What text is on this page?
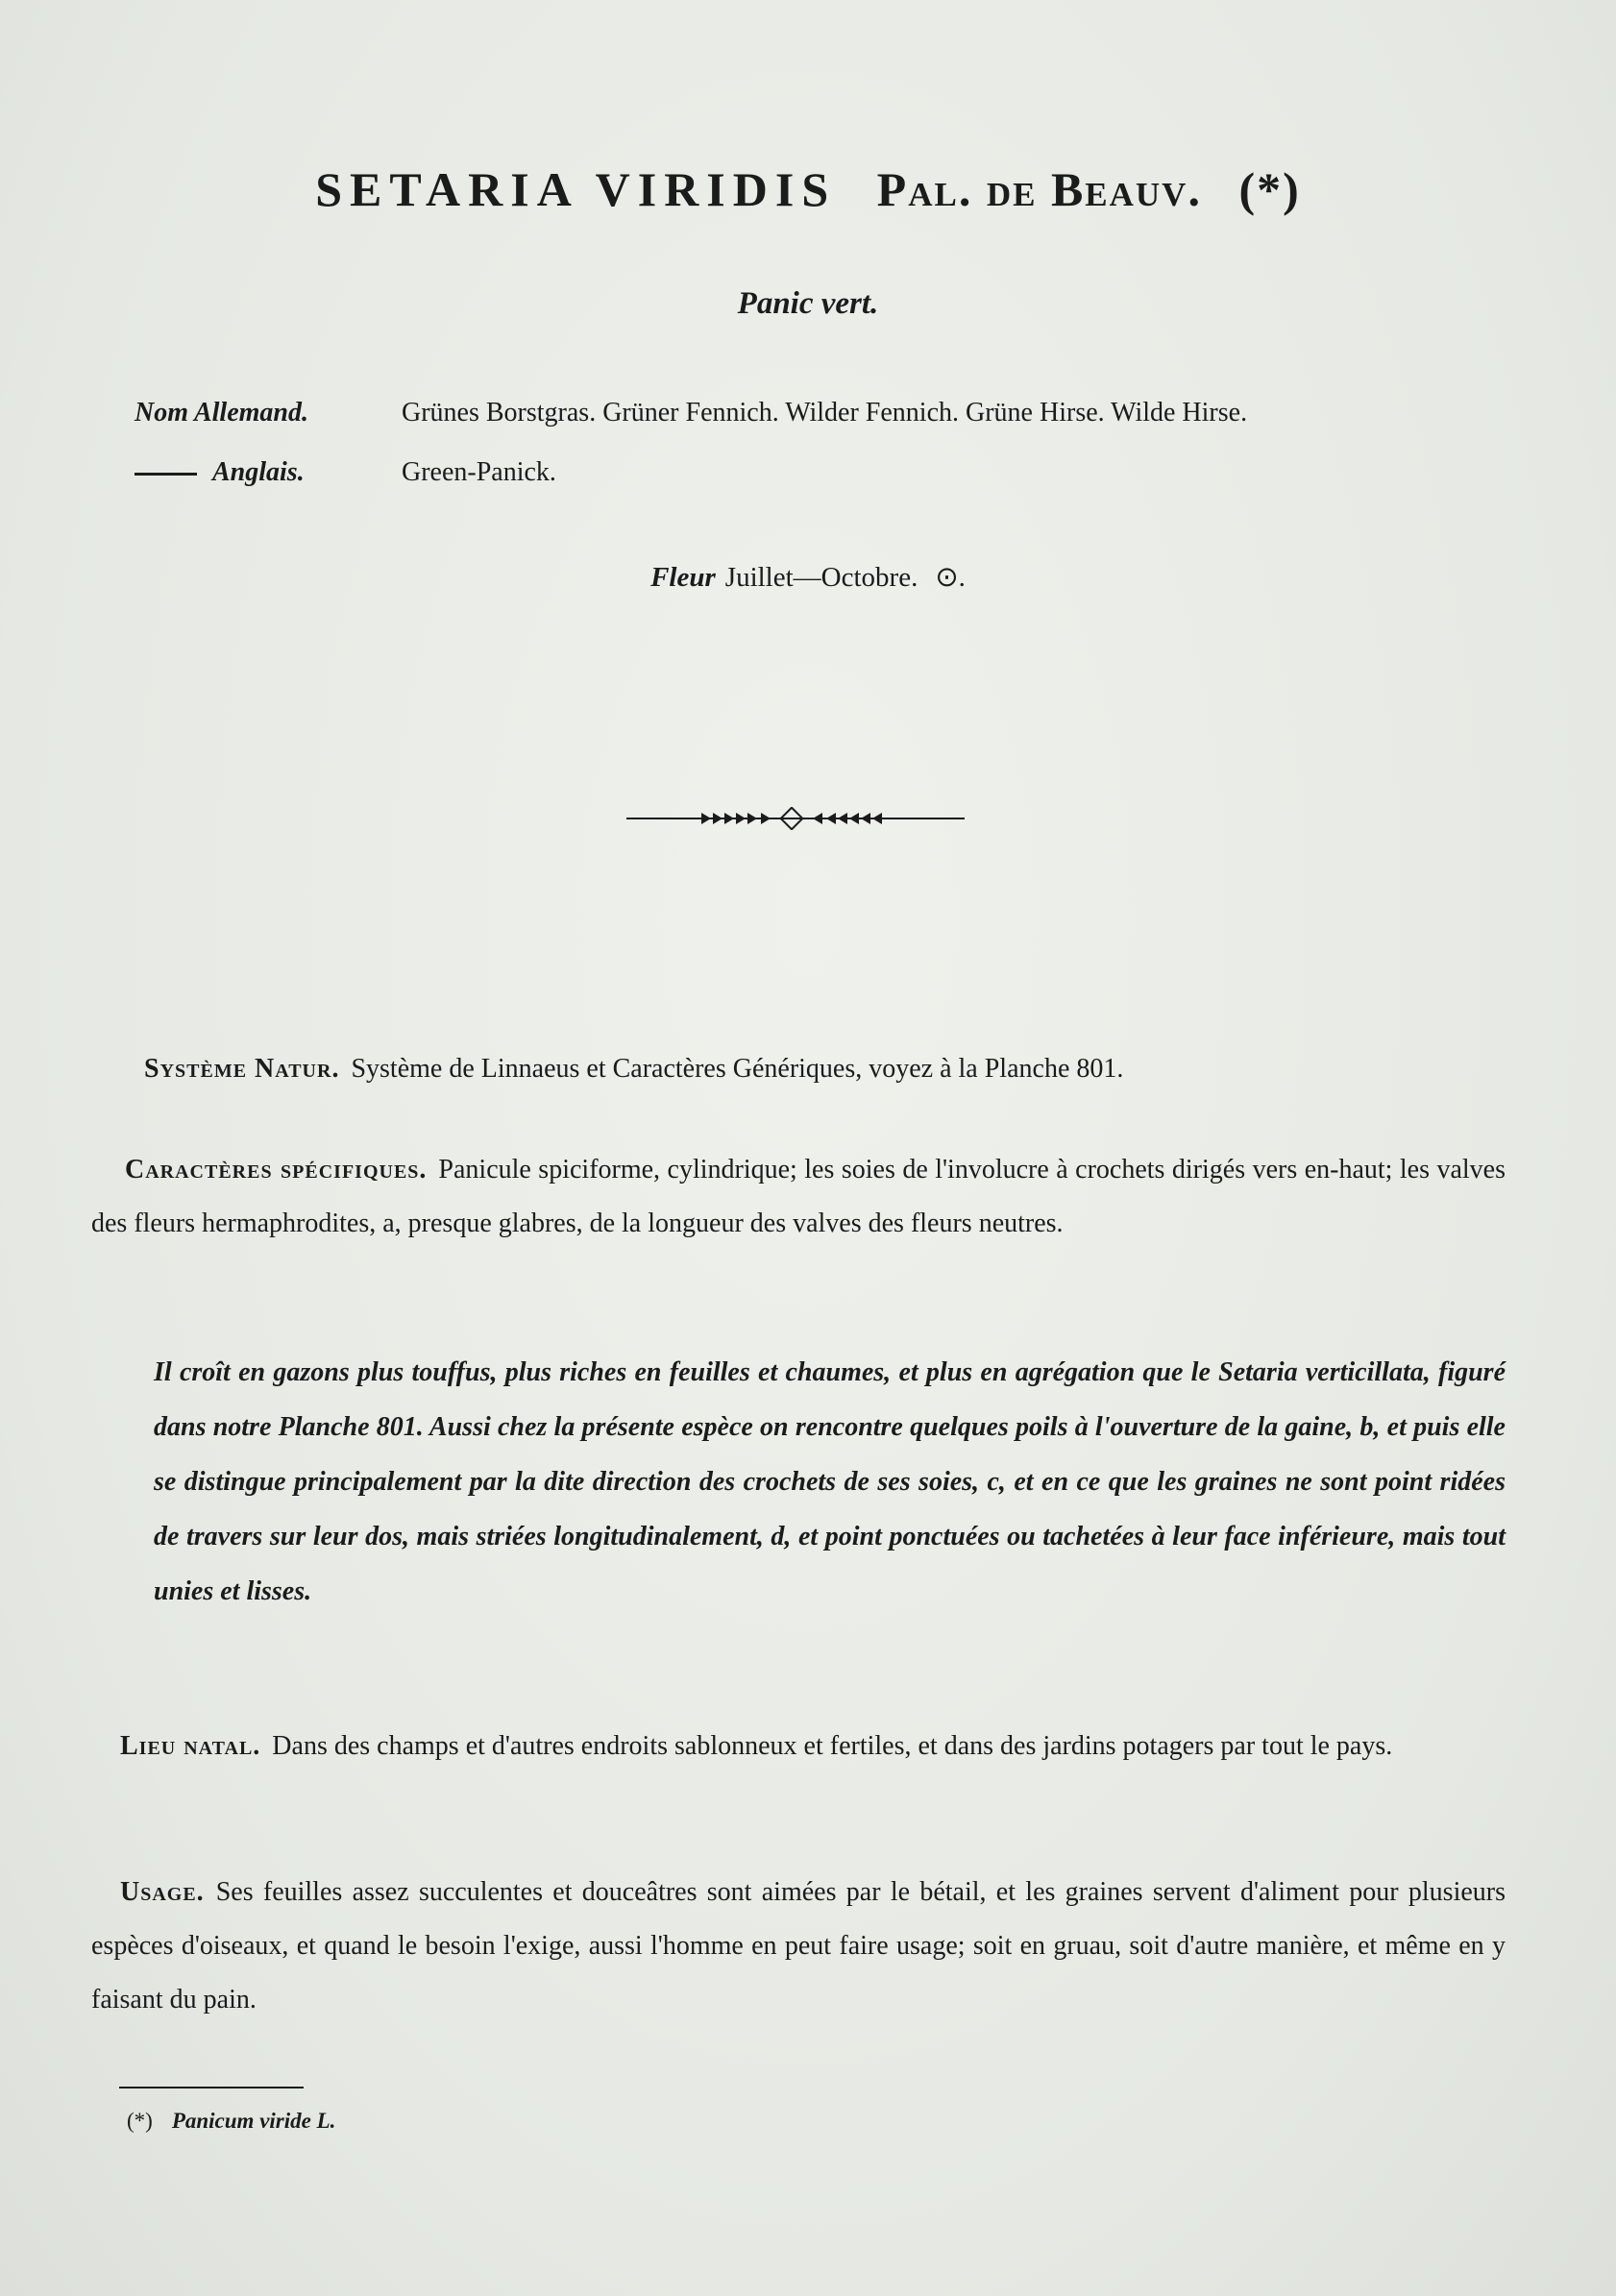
SETARIA VIRIDIS Pal. de Beauv. (*)
Panic vert.
Nom Allemand.	Grünes Borstgras. Grüner Fennich. Wilder Fennich. Grüne Hirse. Wilde Hirse.
Anglais.	Green-Panick.
Fleur Juillet—Octobre. ⊙.
Système Natur. Système de Linnaeus et Caractères Génériques, voyez à la Planche 801.
Caractères spécifiques. Panicule spiciforme, cylindrique; les soies de l'involucre à crochets dirigés vers en-haut; les valves des fleurs hermaphrodites, a, presque glabres, de la longueur des valves des fleurs neutres.
Il croît en gazons plus touffus, plus riches en feuilles et chaumes, et plus en agrégation que le Setaria verticillata, figuré dans notre Planche 801. Aussi chez la présente espèce on rencontre quelques poils à l'ouverture de la gaine, b, et puis elle se distingue principalement par la dite direction des crochets de ses soies, c, et en ce que les graines ne sont point ridées de travers sur leur dos, mais striées longitudinalement, d, et point ponctuées ou tachetées à leur face inférieure, mais tout unies et lisses.
Lieu natal. Dans des champs et d'autres endroits sablonneux et fertiles, et dans des jardins potagers par tout le pays.
Usage. Ses feuilles assez succulentes et douceâtres sont aimées par le bétail, et les graines servent d'aliment pour plusieurs espèces d'oiseaux, et quand le besoin l'exige, aussi l'homme en peut faire usage; soit en gruau, soit d'autre manière, et même en y faisant du pain.
(*) Panicum viride L.
